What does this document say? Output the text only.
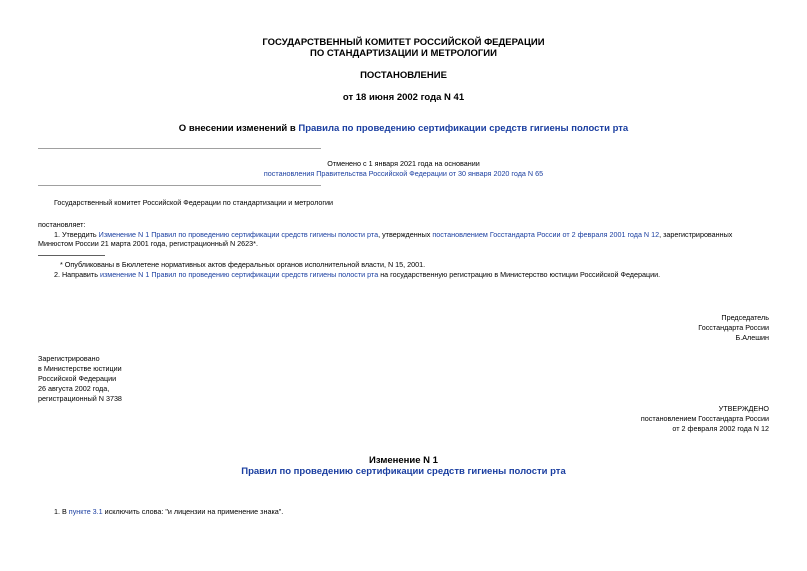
ГОСУДАРСТВЕННЫЙ КОМИТЕТ РОССИЙСКОЙ ФЕДЕРАЦИИ
ПО СТАНДАРТИЗАЦИИ И МЕТРОЛОГИИ
ПОСТАНОВЛЕНИЕ
от 18 июня 2002 года N 41
О внесении изменений в Правила по проведению сертификации средств гигиены полости рта
Отменено с 1 января 2021 года на основании
постановления Правительства Российской Федерации от 30 января 2020 года N 65
Государственный комитет Российской Федерации по стандартизации и метрологии
постановляет:
1. Утвердить Изменение N 1 Правил по проведению сертификации средств гигиены полости рта, утвержденных постановлением Госстандарта России от 2 февраля 2001 года N 12, зарегистрированных
Минюстом России 21 марта 2001 года, регистрационный N 2623*.
* Опубликованы в Бюллетене нормативных актов федеральных органов исполнительной власти, N 15, 2001.
2. Направить изменение N 1 Правил по проведению сертификации средств гигиены полости рта на государственную регистрацию в Министерство юстиции Российской Федерации.
Председатель
Госстандарта России
Б.Алешин
Зарегистрировано
в Министерстве юстиции
Российской Федерации
26 августа 2002 года,
регистрационный N 3738
УТВЕРЖДЕНО
постановлением Госстандарта России
от 2 февраля 2002 года N 12
Изменение N 1
Правил по проведению сертификации средств гигиены полости рта
1. В пункте 3.1 исключить слова: "и лицензии на применение знака".
